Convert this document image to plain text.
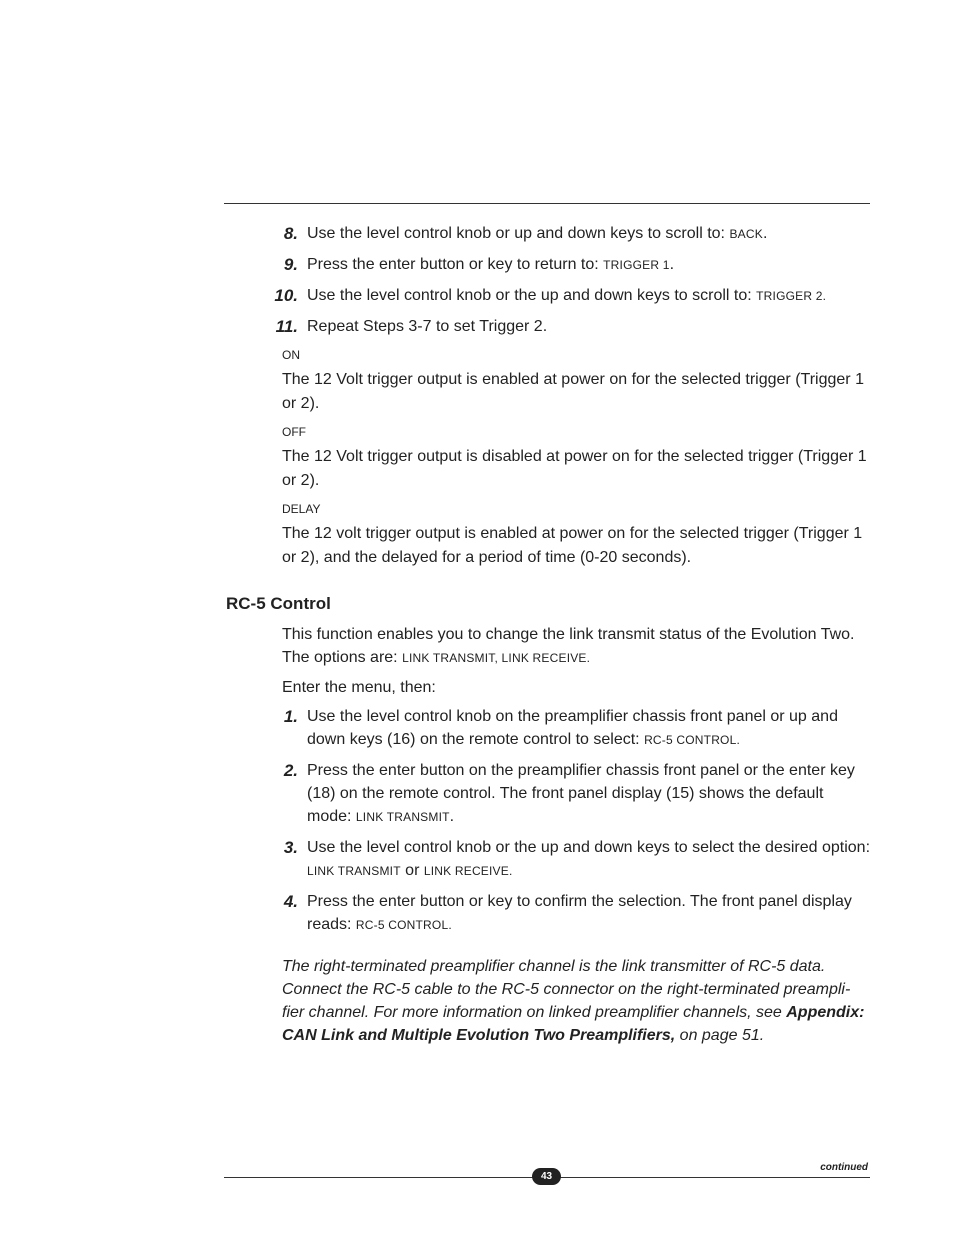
8. Use the level control knob or up and down keys to scroll to: BACK.
9. Press the enter button or key to return to: TRIGGER 1.
10. Use the level control knob or the up and down keys to scroll to: TRIGGER 2.
11. Repeat Steps 3-7 to set Trigger 2.
ON
The 12 Volt trigger output is enabled at power on for the selected trigger (Trigger 1 or 2).
OFF
The 12 Volt trigger output is disabled at power on for the selected trigger (Trigger 1 or 2).
DELAY
The 12 volt trigger output is enabled at power on for the selected trigger (Trigger 1 or 2), and the delayed for a period of time (0-20 seconds).
RC-5 Control
This function enables you to change the link transmit status of the Evolution Two. The options are: LINK TRANSMIT, LINK RECEIVE.
Enter the menu, then:
1. Use the level control knob on the preamplifier chassis front panel or up and down keys (16) on the remote control to select: RC-5 CONTROL.
2. Press the enter button on the preamplifier chassis front panel or the enter key (18) on the remote control. The front panel display (15) shows the default mode: LINK TRANSMIT.
3. Use the level control knob or the up and down keys to select the desired option: LINK TRANSMIT or LINK RECEIVE.
4. Press the enter button or key to confirm the selection. The front panel display reads: RC-5 CONTROL.
The right-terminated preamplifier channel is the link transmitter of RC-5 data. Connect the RC-5 cable to the RC-5 connector on the right-terminated preampli-fier channel. For more information on linked preamplifier channels, see Appendix: CAN Link and Multiple Evolution Two Preamplifiers, on page 51.
continued
43
